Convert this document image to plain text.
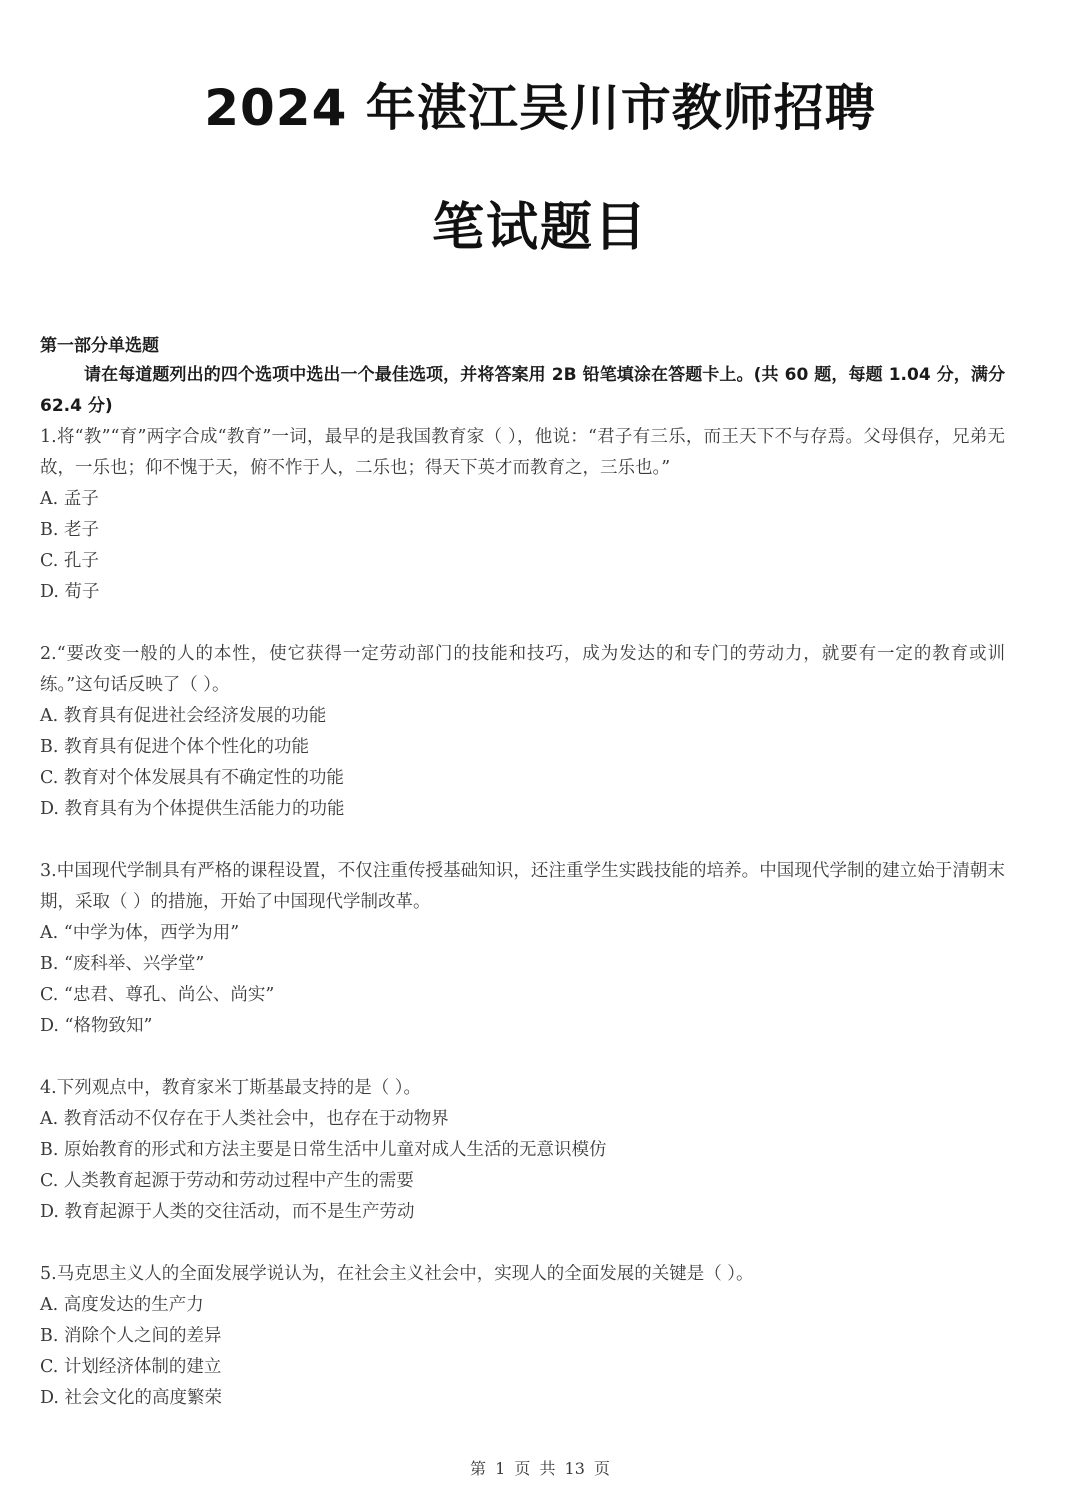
2024 年湛江吴川市教师招聘
笔试题目
第一部分单选题
请在每道题列出的四个选项中选出一个最佳选项，并将答案用 2B 铅笔填涂在答题卡上。(共 60 题，每题 1.04 分，满分 62.4 分)
1.将“教”“育”两字合成“教育”一词，最早的是我国教育家（ ），他说：“君子有三乐，而王天下不与存焉。父母俱存，兄弟无故，一乐也；仰不愧于天，俯不怍于人，二乐也；得天下英才而教育之，三乐也。”
A. 孟子
B. 老子
C. 孔子
D. 荀子
2.“要改变一般的人的本性，使它获得一定劳动部门的技能和技巧，成为发达的和专门的劳动力，就要有一定的教育或训练。”这句话反映了（ ）。
A. 教育具有促进社会经济发展的功能
B. 教育具有促进个体个性化的功能
C. 教育对个体发展具有不确定性的功能
D. 教育具有为个体提供生活能力的功能
3.中国现代学制具有严格的课程设置，不仅注重传授基础知识，还注重学生实践技能的培养。中国现代学制的建立始于清朝末期，采取（ ）的措施，开始了中国现代学制改革。
A. “中学为体，西学为用”
B. “废科举、兴学堂”
C. “忠君、尊孔、尚公、尚实”
D. “格物致知”
4.下列观点中，教育家米丁斯基最支持的是（ ）。
A. 教育活动不仅存在于人类社会中，也存在于动物界
B. 原始教育的形式和方法主要是日常生活中儿童对成人生活的无意识模仿
C. 人类教育起源于劳动和劳动过程中产生的需要
D. 教育起源于人类的交往活动，而不是生产劳动
5.马克思主义人的全面发展学说认为，在社会主义社会中，实现人的全面发展的关键是（ ）。
A. 高度发达的生产力
B. 消除个人之间的差异
C. 计划经济体制的建立
D. 社会文化的高度繁荣
第 1 页 共 13 页
